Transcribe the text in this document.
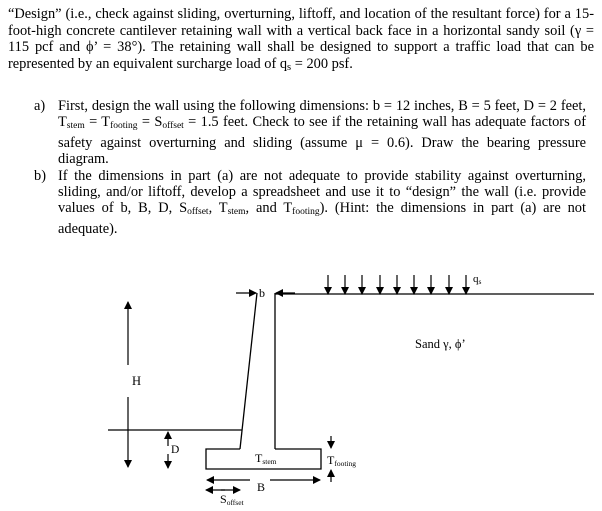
“Design” (i.e., check against sliding, overturning, liftoff, and location of the resultant force) for a 15-foot-high concrete cantilever retaining wall with a vertical back face in a horizontal sandy soil (γ = 115 pcf and ϕ’ = 38°). The retaining wall shall be designed to support a traffic load that can be represented by an equivalent surcharge load of qs = 200 psf.

a) First, design the wall using the following dimensions: b = 12 inches, B = 5 feet, D = 2 feet, $T_{stem} = T_{footing} = S_{offset} = 1.5$ feet. Check to see if the retaining wall has adequate factors of safety against overturning and sliding (assume μ = 0.6). Draw the bearing pressure diagram.

b) If the dimensions in part (a) are not adequate to provide stability against overturning, sliding, and/or liftoff, develop a spreadsheet and use it to “design” the wall (i.e. provide values of b, B, D, $S_{offset}$, $T_{stem}$, and $T_{footing}$). (Hint: the dimensions in part (a) are not adequate).

qs
b
Sand γ, ϕ’
H
D
Tstem	Tfooting
B
Soffset
